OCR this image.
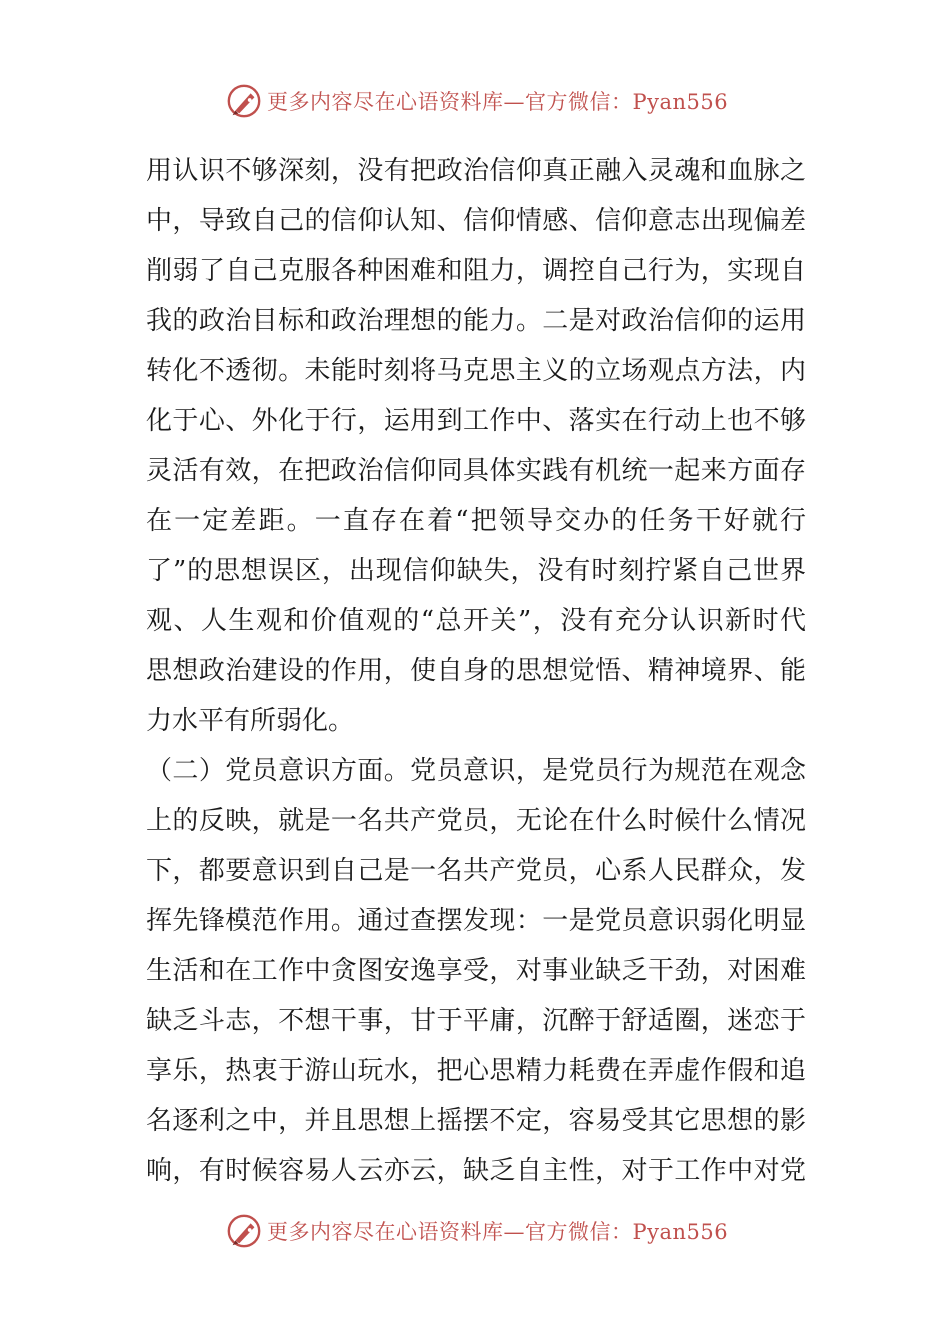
更多内容尽在心语资料库—官方微信：Pyan556
用认识不够深刻，没有把政治信仰真正融入灵魂和血脉之
中，导致自己的信仰认知、信仰情感、信仰意志出现偏差
削弱了自己克服各种困难和阻力，调控自己行为，实现自
我的政治目标和政治理想的能力。二是对政治信仰的运用
转化不透彻。未能时刻将马克思主义的立场观点方法，内
化于心、外化于行，运用到工作中、落实在行动上也不够
灵活有效，在把政治信仰同具体实践有机统一起来方面存
在一定差距。一直存在着“把领导交办的任务干好就行
了”的思想误区，出现信仰缺失，没有时刻拧紧自己世界
观、人生观和价值观的“总开关”，没有充分认识新时代
思想政治建设的作用，使自身的思想觉悟、精神境界、能
力水平有所弱化。
（二）党员意识方面。党员意识，是党员行为规范在观念
上的反映，就是一名共产党员，无论在什么时候什么情况
下，都要意识到自己是一名共产党员，心系人民群众，发
挥先锋模范作用。通过查摆发现：一是党员意识弱化明显
生活和在工作中贪图安逸享受，对事业缺乏干劲，对困难
缺乏斗志，不想干事，甘于平庸，沉醉于舒适圈，迷恋于
享乐，热衷于游山玩水，把心思精力耗费在弄虚作假和追
名逐利之中，并且思想上摇摆不定，容易受其它思想的影
响，有时候容易人云亦云，缺乏自主性，对于工作中对党
更多内容尽在心语资料库—官方微信：Pyan556
